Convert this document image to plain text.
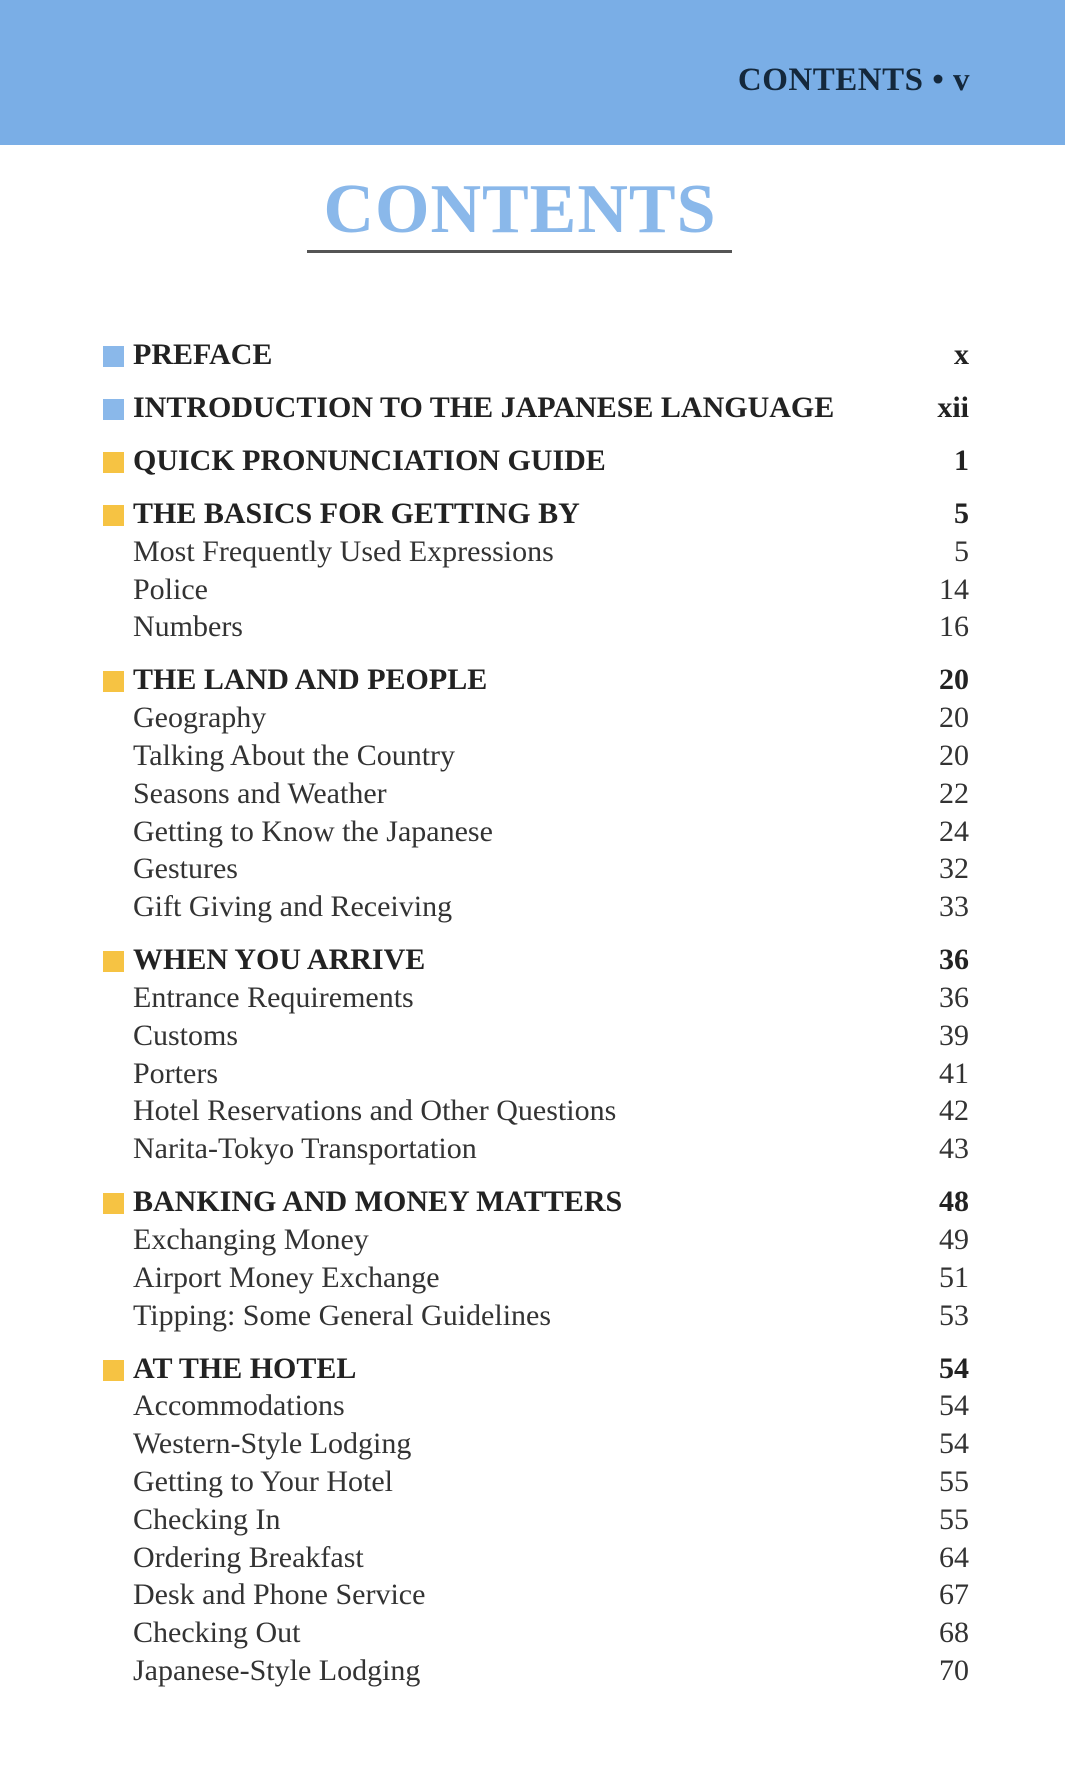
CONTENTS • v
CONTENTS
PREFACE	x
INTRODUCTION TO THE JAPANESE LANGUAGE	xii
QUICK PRONUNCIATION GUIDE	1
THE BASICS FOR GETTING BY	5
Most Frequently Used Expressions	5
Police	14
Numbers	16
THE LAND AND PEOPLE	20
Geography	20
Talking About the Country	20
Seasons and Weather	22
Getting to Know the Japanese	24
Gestures	32
Gift Giving and Receiving	33
WHEN YOU ARRIVE	36
Entrance Requirements	36
Customs	39
Porters	41
Hotel Reservations and Other Questions	42
Narita-Tokyo Transportation	43
BANKING AND MONEY MATTERS	48
Exchanging Money	49
Airport Money Exchange	51
Tipping: Some General Guidelines	53
AT THE HOTEL	54
Accommodations	54
Western-Style Lodging	54
Getting to Your Hotel	55
Checking In	55
Ordering Breakfast	64
Desk and Phone Service	67
Checking Out	68
Japanese-Style Lodging	70
